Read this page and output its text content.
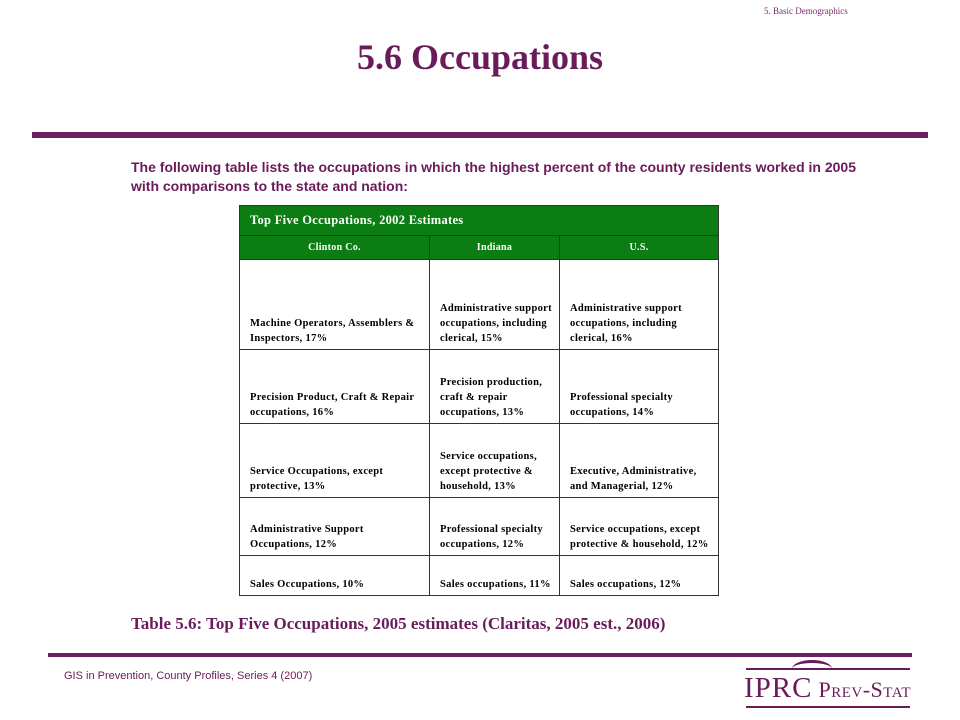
5. Basic Demographics
5.6 Occupations
The following table lists the occupations in which the highest percent of the county residents worked in 2005 with comparisons to the state and nation:
Top Five Occupations, 2002 Estimates		
Clinton Co.	Indiana	U.S.
Machine Operators, Assemblers & Inspectors, 17%	Administrative support occupations, including clerical, 15%	Administrative support occupations, including clerical, 16%
Precision Product, Craft & Repair occupations, 16%	Precision production, craft & repair occupations, 13%	Professional specialty occupations, 14%
Service Occupations, except protective, 13%	Service occupations, except protective & household, 13%	Executive, Administrative, and Managerial, 12%
Administrative Support Occupations, 12%	Professional specialty occupations, 12%	Service occupations, except protective & household, 12%
Sales Occupations, 10%	Sales occupations, 11%	Sales occupations, 12%
Table 5.6: Top Five Occupations, 2005 estimates (Claritas, 2005 est., 2006)
GIS in Prevention, County Profiles, Series 4 (2007)	IPRC Prev-Stat
